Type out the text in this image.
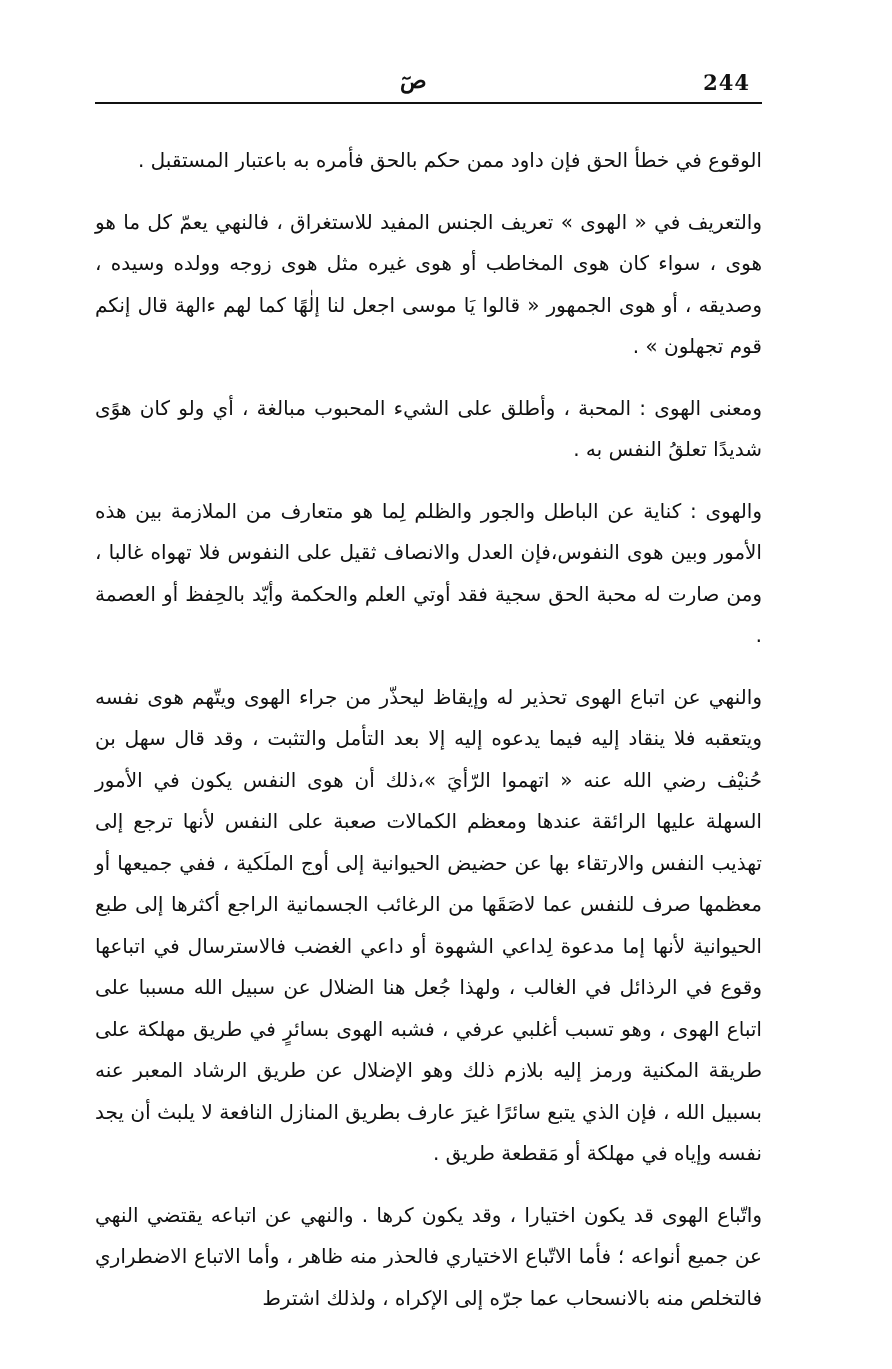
244
صٓ

الوقوع في خطأ الحق فإن داود ممن حكم بالحق فأمره به باعتبار المستقبل .

والتعريف في « الهوى » تعريف الجنس المفيد للاستغراق ، فالنهي يعمّ كل ما هو هوى ، سواء كان هوى المخاطب أو هوى غيره مثل هوى زوجه وولده وسيده ، وصديقه ، أو هوى الجمهور « قالوا يَا موسى اجعل لنا إلٰهًا كما لهم ءالهة قال إنكم قوم تجهلون » .

ومعنى الهوى : المحبة ، وأطلق على الشيء المحبوب مبالغة ، أي ولو كان هوًى شديدًا تعلقُ النفس به .

والهوى : كناية عن الباطل والجور والظلم لِما هو متعارف من الملازمة بين هذه الأمور وبين هوى النفوس،فإن العدل والانصاف ثقيل على النفوس فلا تهواه غالبا ، ومن صارت له محبة الحق سجية فقد أوتي العلم والحكمة وأيّد بالحِفظ أو العصمة .

والنهي عن اتباع الهوى تحذير له وإيقاظ ليحذّر من جراء الهوى ويتّهم هوى نفسه ويتعقبه فلا ينقاد إليه فيما يدعوه إليه إلا بعد التأمل والتثبت ، وقد قال سهل بن حُنيْف رضي الله عنه « اتهموا الرّأيَ »،ذلك أن هوى النفس يكون في الأمور السهلة عليها الرائقة عندها ومعظم الكمالات صعبة على النفس لأنها ترجع إلى تهذيب النفس والارتقاء بها عن حضيض الحيوانية إلى أوج الملَكية ، ففي جميعها أو معظمها صرف للنفس عما لاصَقَها من الرغائب الجسمانية الراجع أكثرها إلى طبع الحيوانية لأنها إما مدعوة لِداعي الشهوة أو داعي الغضب فالاسترسال في اتباعها وقوع في الرذائل في الغالب ، ولهذا جُعل هنا الضلال عن سبيل الله مسببا على اتباع الهوى ، وهو تسبب أغلبي عرفي ، فشبه الهوى بسائرٍ في طريق مهلكة على طريقة المكنية ورمز إليه بلازم ذلك وهو الإضلال عن طريق الرشاد المعبر عنه بسبيل الله ، فإن الذي يتبع سائرًا غيرَ عارف بطريق المنازل النافعة لا يلبث أن يجد نفسه وإياه في مهلكة أو مَقطعة طريق .

واتّباع الهوى قد يكون اختيارا ، وقد يكون كرها . والنهي عن اتباعه يقتضي النهي عن جميع أنواعه ؛ فأما الاتّباع الاختياري فالحذر منه ظاهر ، وأما الاتباع الاضطراري فالتخلص منه بالانسحاب عما جرّه إلى الإكراه ، ولذلك اشترط
